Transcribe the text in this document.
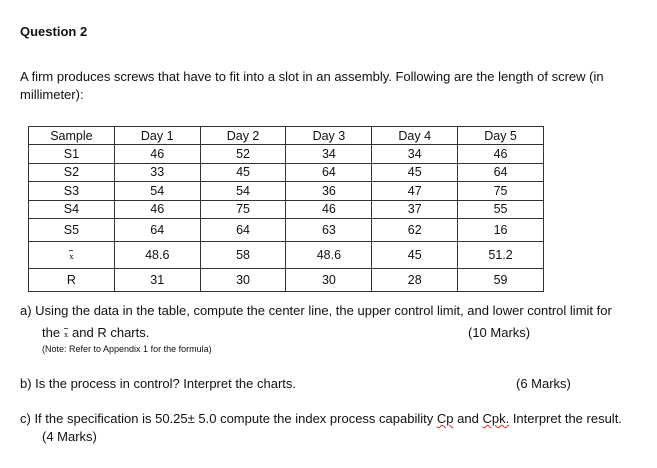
Question 2
A firm produces screws that have to fit into a slot in an assembly. Following are the length of screw (in
millimeter):
Sample	Day 1	Day 2	Day 3	Day 4	Day 5
S1	46	52	34	34	46
S2	33	45	64	45	64
S3	54	54	36	47	75
S4	46	75	46	37	55
S5	64	64	63	62	16
x	48.6	58	48.6	45	51.2
R	31	30	30	28	59
a) Using the data in the table, compute the center line, the upper control limit, and lower control limit for
the x and R charts.	(10 Marks)
(Note: Refer to Appendix 1 for the formula)
b) Is the process in control? Interpret the charts.	(6 Marks)
c) If the specification is 50.25± 5.0 compute the index process capability Cp and Cpk. Interpret the result.
(4 Marks)
